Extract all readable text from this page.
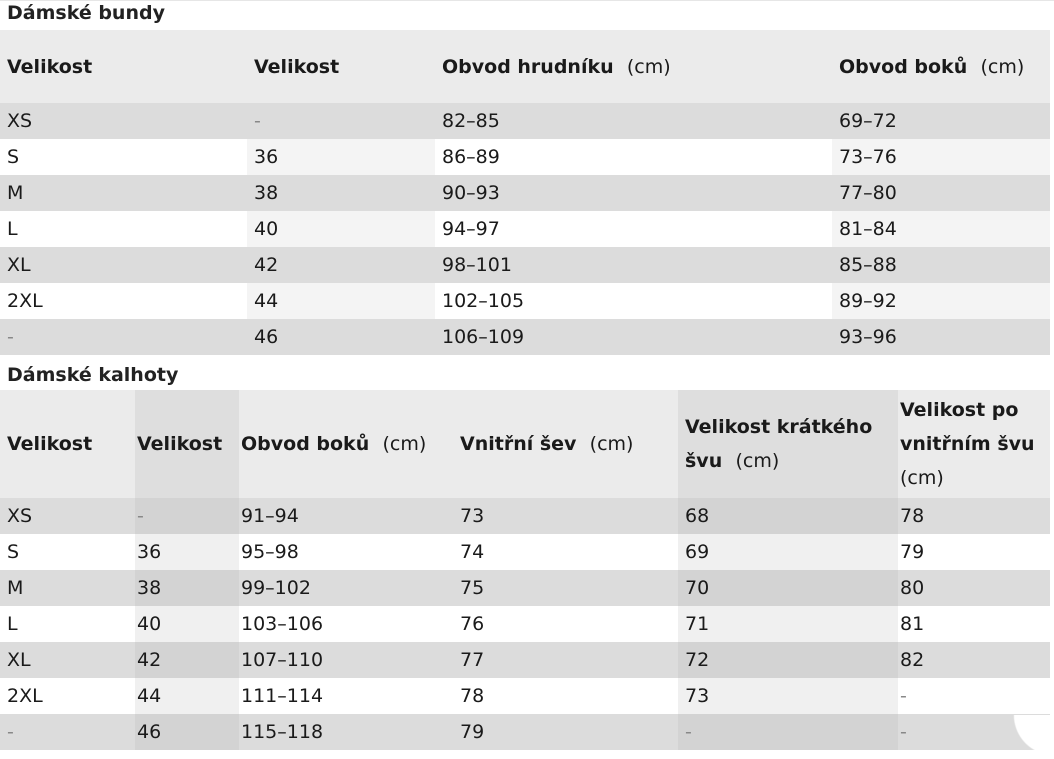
Dámské bundy
Velikost	Velikost	Obvod hrudníku (cm)	Obvod boků (cm)
XS	-	82–85	69–72
S	36	86–89	73–76
M	38	90–93	77–80
L	40	94–97	81–84
XL	42	98–101	85–88
2XL	44	102–105	89–92
-	46	106–109	93–96
Dámské kalhoty
Velikost	Velikost	Obvod boků (cm)	Vnitřní šev (cm)	Velikost krátkého švu (cm)	Velikost po vnitřním švu  (cm)
XS	-	91–94	73	68	78
S	36	95–98	74	69	79
M	38	99–102	75	70	80
L	40	103–106	76	71	81
XL	42	107–110	77	72	82
2XL	44	111–114	78	73	-
-	46	115–118	79	-	-
